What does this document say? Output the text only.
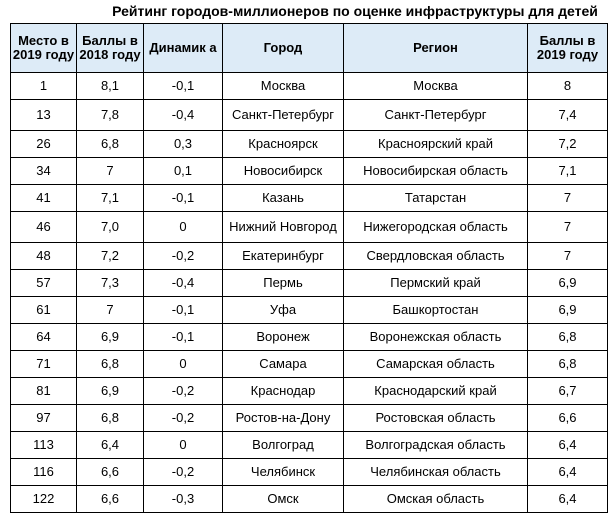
Рейтинг городов-миллионеров по оценке инфраструктуры для детей
Место в 2019 году	Баллы в 2018 году	Динамик а	Город	Регион	Баллы в 2019 году
1	8,1	-0,1	Москва	Москва	8
13	7,8	-0,4	Санкт-Петербург	Санкт-Петербург	7,4
26	6,8	0,3	Красноярск	Красноярский край	7,2
34	7	0,1	Новосибирск	Новосибирская область	7,1
41	7,1	-0,1	Казань	Татарстан	7
46	7,0	0	Нижний Новгород	Нижегородская область	7
48	7,2	-0,2	Екатеринбург	Свердловская область	7
57	7,3	-0,4	Пермь	Пермский край	6,9
61	7	-0,1	Уфа	Башкортостан	6,9
64	6,9	-0,1	Воронеж	Воронежская область	6,8
71	6,8	0	Самара	Самарская область	6,8
81	6,9	-0,2	Краснодар	Краснодарский край	6,7
97	6,8	-0,2	Ростов-на-Дону	Ростовская область	6,6
113	6,4	0	Волгоград	Волгоградская область	6,4
116	6,6	-0,2	Челябинск	Челябинская область	6,4
122	6,6	-0,3	Омск	Омская область	6,4
